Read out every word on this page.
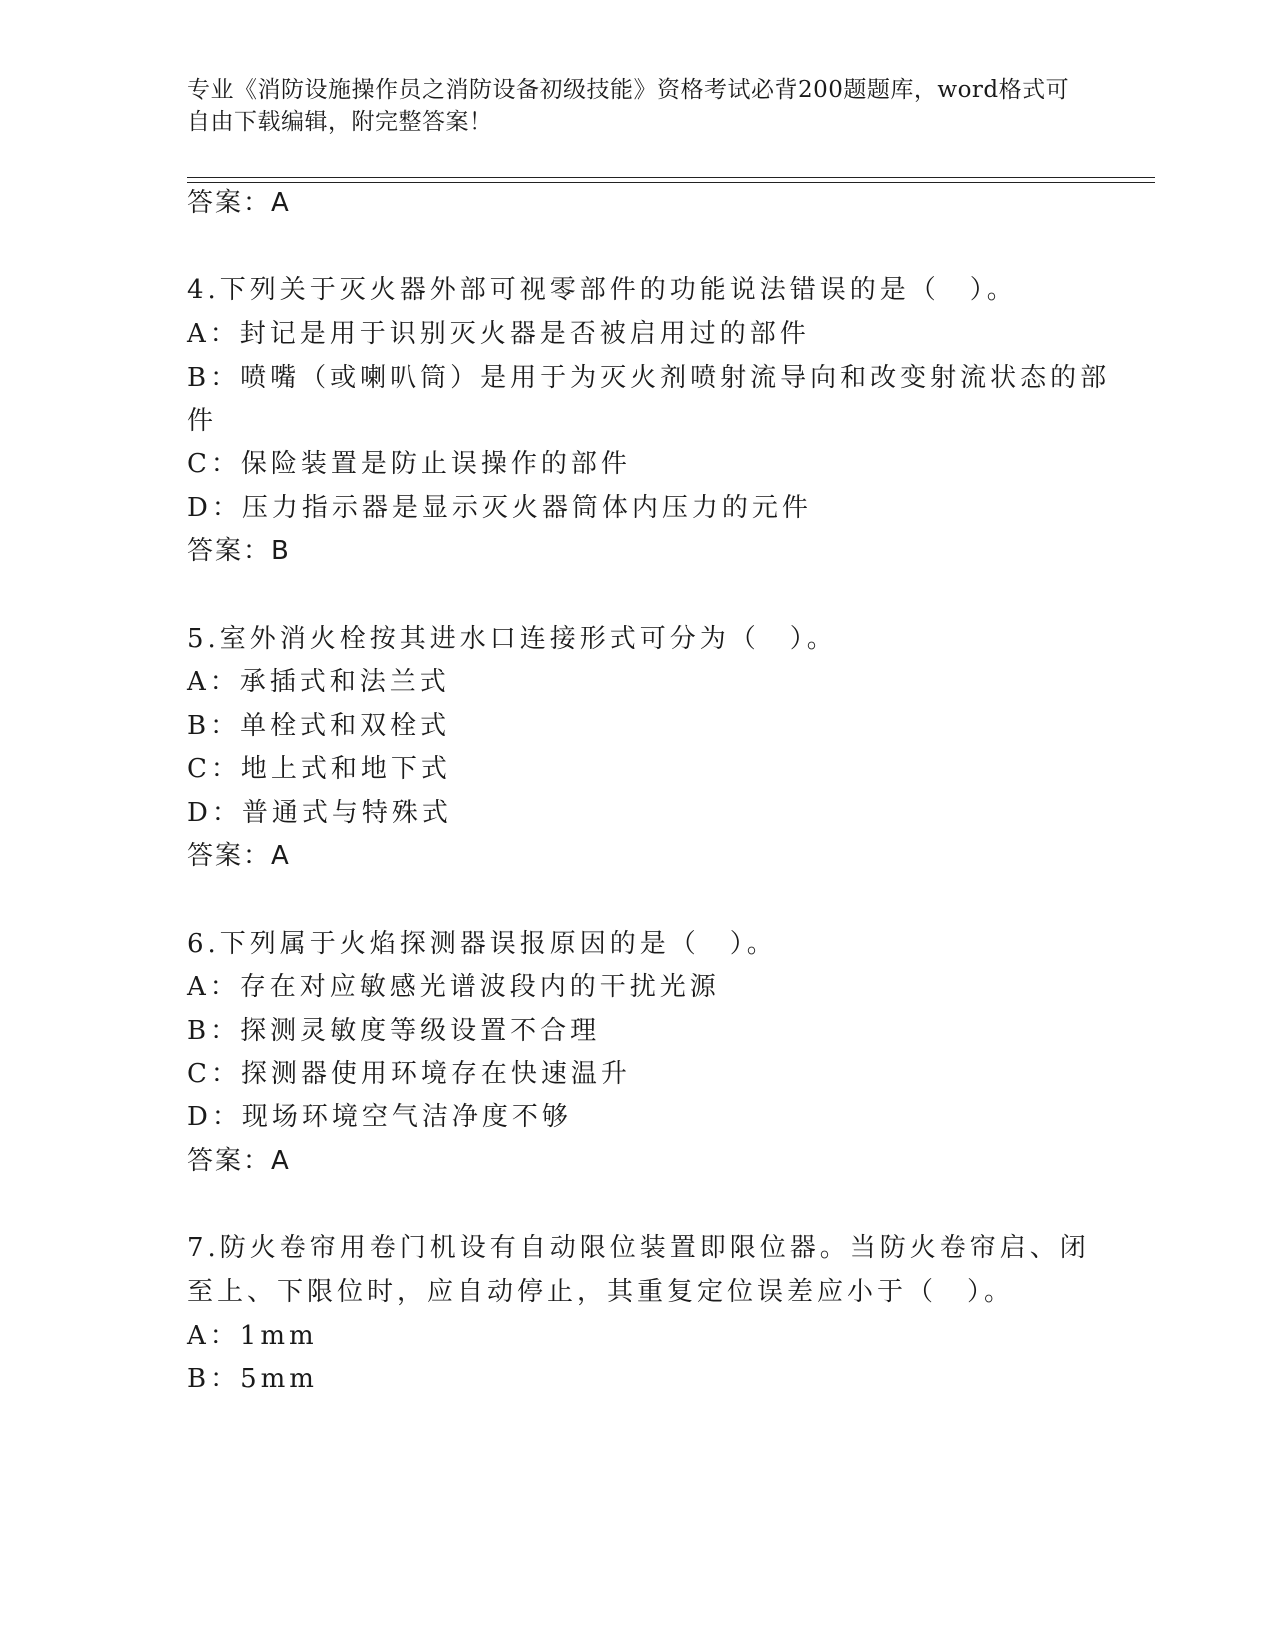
专业《消防设施操作员之消防设备初级技能》资格考试必背200题题库，word格式可自由下载编辑，附完整答案！
答案：A
4.下列关于灭火器外部可视零部件的功能说法错误的是（　）。
A：封记是用于识别灭火器是否被启用过的部件
B：喷嘴（或喇叭筒）是用于为灭火剂喷射流导向和改变射流状态的部
件
C：保险装置是防止误操作的部件
D：压力指示器是显示灭火器筒体内压力的元件
答案：B
5.室外消火栓按其进水口连接形式可分为（　）。
A：承插式和法兰式
B：单栓式和双栓式
C：地上式和地下式
D：普通式与特殊式
答案：A
6.下列属于火焰探测器误报原因的是（　）。
A：存在对应敏感光谱波段内的干扰光源
B：探测灵敏度等级设置不合理
C：探测器使用环境存在快速温升
D：现场环境空气洁净度不够
答案：A
7.防火卷帘用卷门机设有自动限位装置即限位器。当防火卷帘启、闭
至上、下限位时，应自动停止，其重复定位误差应小于（　）。
A：1mm
B：5mm
